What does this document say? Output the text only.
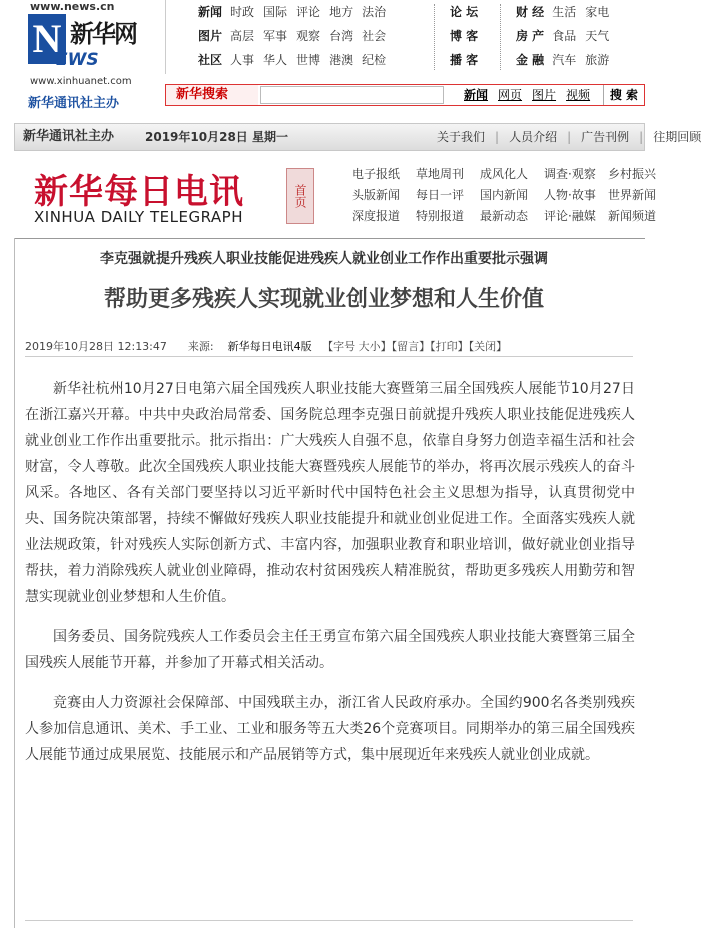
www.news.cn
N 新华网
EWS
www.xinhuanet.com
新华通讯社主办
新闻 时政 国际 评论 地方 法治
图片 高层 军事 观察 台湾 社会
社区 人事 华人 世博 港澳 纪检
论 坛
博 客
播 客
财 经 生活 家电
房 产 食品 天气
金 融 汽车 旅游
新华搜索	新闻 网页 图片 视频	搜 索
新华通讯社主办	2019年10月28日 星期一	关于我们 | 人员介绍 | 广告刊例 | 往期回顾
新华每日电讯
XINHUA DAILY TELEGRAPH
首页
电子报纸 草地周刊 成风化人 调查·观察 乡村振兴
头版新闻 每日一评 国内新闻 人物·故事 世界新闻
深度报道 特别报道 最新动态 评论·融媒 新闻频道
李克强就提升残疾人职业技能促进残疾人就业创业工作作出重要批示强调
帮助更多残疾人实现就业创业梦想和人生价值
2019年10月28日 12:13:47 来源: 新华每日电讯4版 【字号 大小】【留言】【打印】【关闭】

新华社杭州10月27日电第六届全国残疾人职业技能大赛暨第三届全国残疾人展能节10月27日在浙江嘉兴开幕。中共中央政治局常委、国务院总理李克强日前就提升残疾人职业技能促进残疾人就业创业工作作出重要批示。批示指出：广大残疾人自强不息，依靠自身努力创造幸福生活和社会财富，令人尊敬。此次全国残疾人职业技能大赛暨残疾人展能节的举办，将再次展示残疾人的奋斗风采。各地区、各有关部门要坚持以习近平新时代中国特色社会主义思想为指导，认真贯彻党中央、国务院决策部署，持续不懈做好残疾人职业技能提升和就业创业促进工作。全面落实残疾人就业法规政策，针对残疾人实际创新方式、丰富内容，加强职业教育和职业培训，做好就业创业指导帮扶，着力消除残疾人就业创业障碍，推动农村贫困残疾人精准脱贫，帮助更多残疾人用勤劳和智慧实现就业创业梦想和人生价值。

国务委员、国务院残疾人工作委员会主任王勇宣布第六届全国残疾人职业技能大赛暨第三届全国残疾人展能节开幕，并参加了开幕式相关活动。

竞赛由人力资源社会保障部、中国残联主办，浙江省人民政府承办。全国约900名各类别残疾人参加信息通讯、美术、手工业、工业和服务等五大类26个竞赛项目。同期举办的第三届全国残疾人展能节通过成果展览、技能展示和产品展销等方式，集中展现近年来残疾人就业创业成就。
